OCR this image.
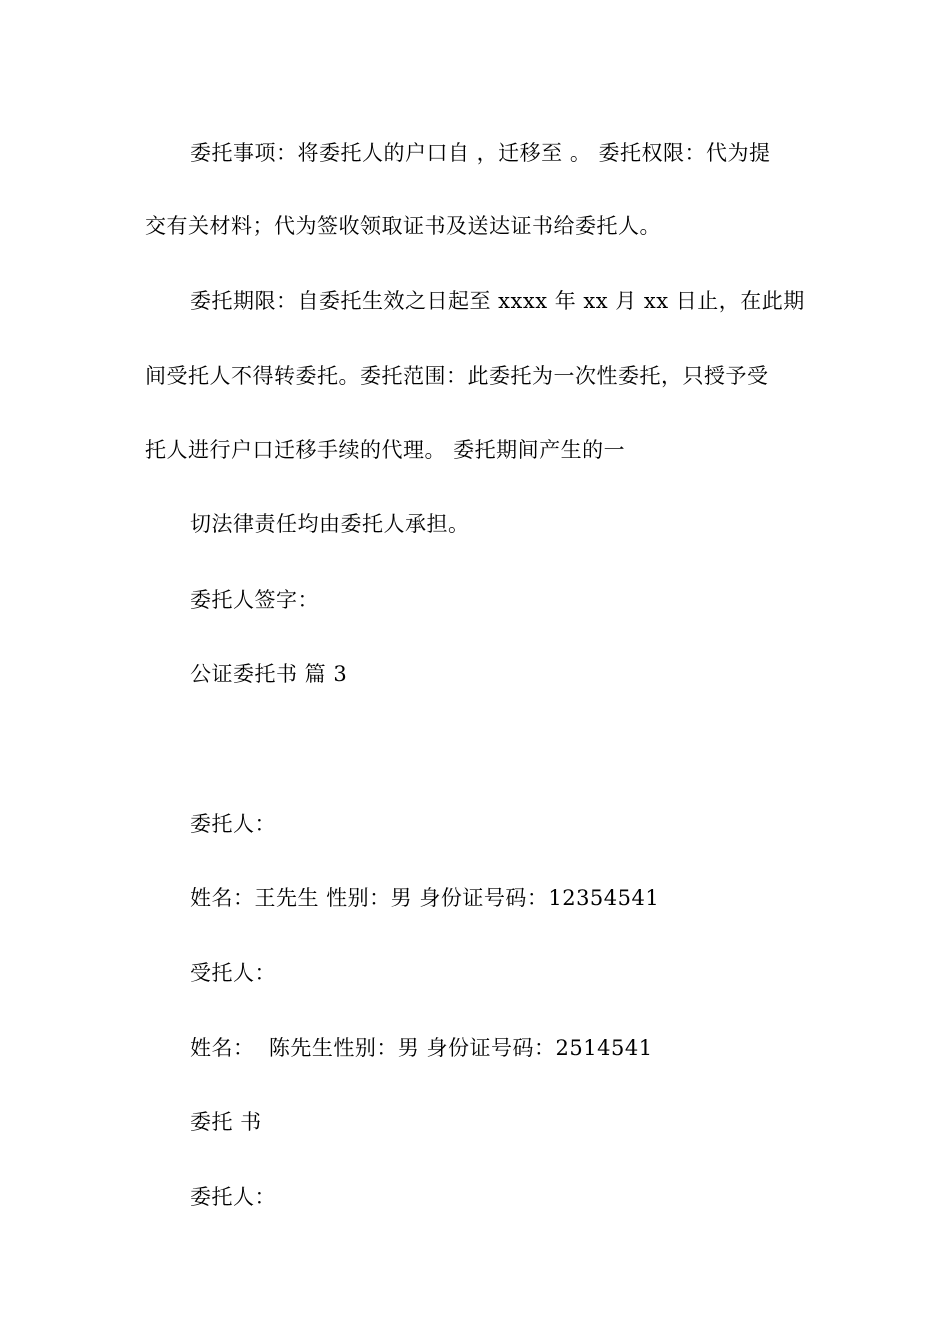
委托事项：将委托人的户口自 ，迁移至 。 委托权限：代为提
交有关材料；代为签收领取证书及送达证书给委托人。
委托期限：自委托生效之日起至 xxxx 年 xx 月 xx 日止，在此期
间受托人不得转委托。委托范围：此委托为一次性委托，只授予受
托人进行户口迁移手续的代理。 委托期间产生的一
切法律责任均由委托人承担。
委托人签字：
公证委托书 篇 3
委托人：
姓名：王先生 性别：男 身份证号码：12354541
受托人：
姓名：  陈先生性别：男 身份证号码：2514541
委托 书
委托人：
